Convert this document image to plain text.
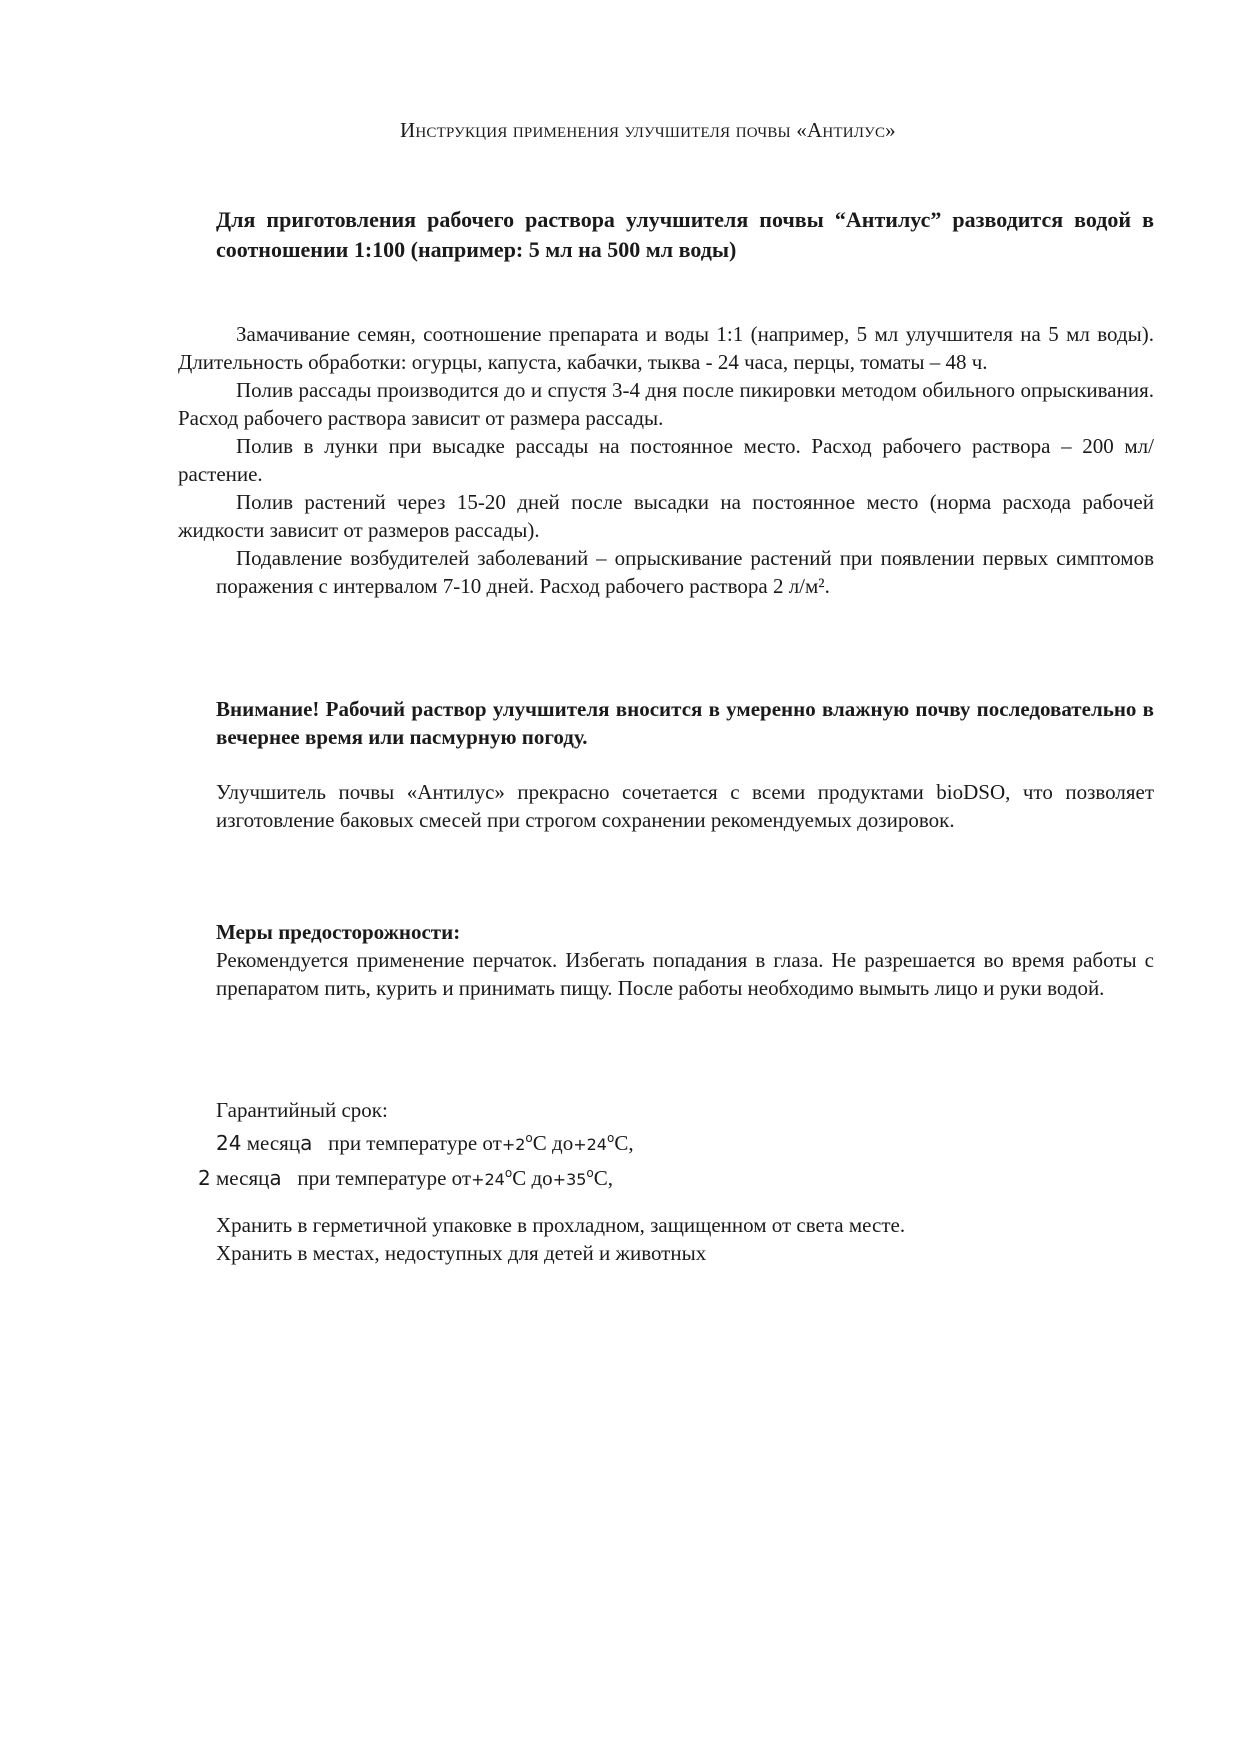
Инструкция применения улучшителя почвы «Антилус»
Для приготовления рабочего раствора улучшителя почвы “Антилус” разводится водой в соотношении 1:100 (например: 5 мл на 500 мл воды)

Замачивание семян, соотношение препарата и воды 1:1 (например, 5 мл улучшителя на 5 мл воды). Длительность обработки: огурцы, капуста, кабачки, тыква - 24 часа, перцы, томаты – 48 ч.

Полив рассады производится до и спустя 3-4 дня после пикировки методом обильного опрыскивания. Расход рабочего раствора зависит от размера рассады.

Полив в лунки при высадке рассады на постоянное место. Расход рабочего раствора – 200 мл/растение.

Полив растений через 15-20 дней после высадки на постоянное место (норма расхода рабочей жидкости зависит от размеров рассады).

Подавление возбудителей заболеваний – опрыскивание растений при появлении первых симптомов поражения с интервалом 7-10 дней. Расход рабочего раствора 2 л/м².

Внимание! Рабочий раствор улучшителя вносится в умеренно влажную почву последовательно в вечернее время или пасмурную погоду.
Улучшитель почвы «Антилус» прекрасно сочетается с всеми продуктами bioDSO, что позволяет изготовление баковых смесей при строгом сохранении рекомендуемых дозировок.
Меры предосторожности:
Рекомендуется применение перчаток. Избегать попадания в глаза. Не разрешается во время работы с препаратом пить, курить и принимать пищу. После работы необходимо вымыть лицо и руки водой.
Гарантийный срок:
24 месяца при температуре $от+2^oС$ $до+24^oС$,
2 месяца при температуре $от+24^oС$ $до+35^oС$,
Хранить в герметичной упаковке в прохладном, защищенном от света месте.
Хранить в местах, недоступных для детей и животных
